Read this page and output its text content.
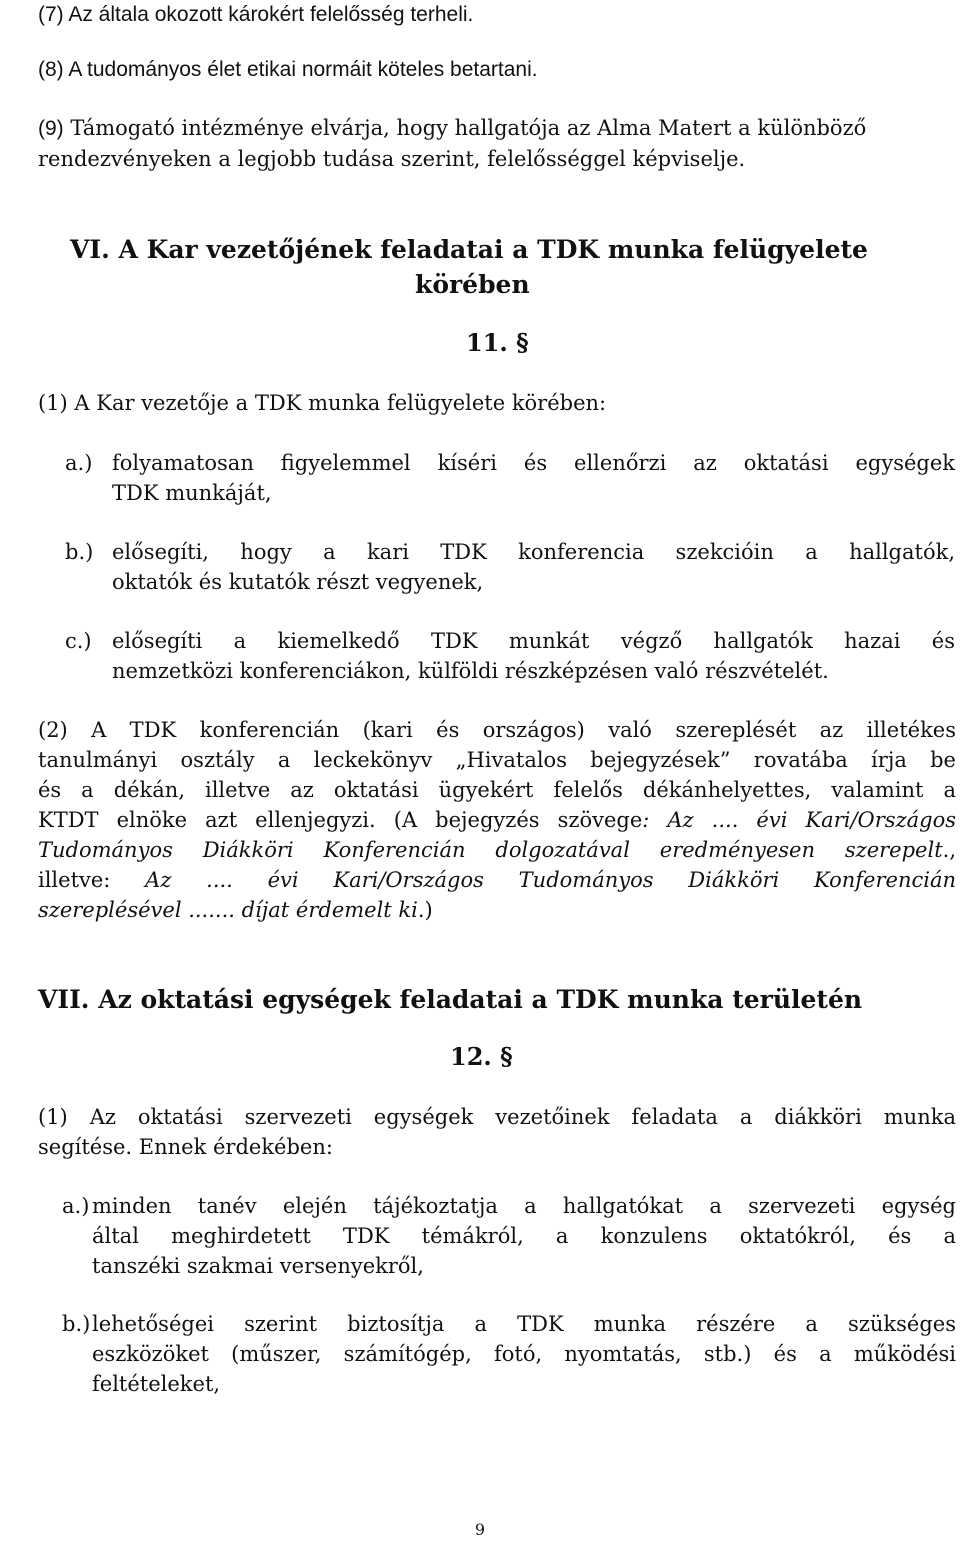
(7) Az általa okozott károkért felelősség terheli.
(8) A tudományos élet etikai normáit köteles betartani.
(9) Támogató intézménye elvárja, hogy hallgatója az Alma Matert a különböző
rendezvényeken a legjobb tudása szerint, felelősséggel képviselje.
VI. A Kar vezetőjének feladatai a TDK munka felügyelete
körében
11. §
(1) A Kar vezetője a TDK munka felügyelete körében:
a.) folyamatosan figyelemmel kíséri és ellenőrzi az oktatási egységek
TDK munkáját,
b.) elősegíti, hogy a kari TDK konferencia szekcióin a hallgatók,
oktatók és kutatók részt vegyenek,
c.) elősegíti a kiemelkedő TDK munkát végző hallgatók hazai és
nemzetközi konferenciákon, külföldi részképzésen való részvételét.
(2) A TDK konferencián (kari és országos) való szereplését az illetékes
tanulmányi osztály a leckekönyv „Hivatalos bejegyzések” rovatába írja be
és a dékán, illetve az oktatási ügyekért felelős dékánhelyettes, valamint a
KTDT elnöke azt ellenjegyzi. (A bejegyzés szövege: Az .... évi Kari/Országos
Tudományos Diákköri Konferencián dolgozatával eredményesen szerepelt.,
illetve: Az .... évi Kari/Országos Tudományos Diákköri Konferencián
szereplésével ....... díjat érdemelt ki.)
VII. Az oktatási egységek feladatai a TDK munka területén
12. §
(1) Az oktatási szervezeti egységek vezetőinek feladata a diákköri munka
segítése. Ennek érdekében:
a.) minden tanév elején tájékoztatja a hallgatókat a szervezeti egység
által meghirdetett TDK témákról, a konzulens oktatókról, és a
tanszéki szakmai versenyekről,
b.) lehetőségei szerint biztosítja a TDK munka részére a szükséges
eszközöket (műszer, számítógép, fotó, nyomtatás, stb.) és a működési
feltételeket,
9
